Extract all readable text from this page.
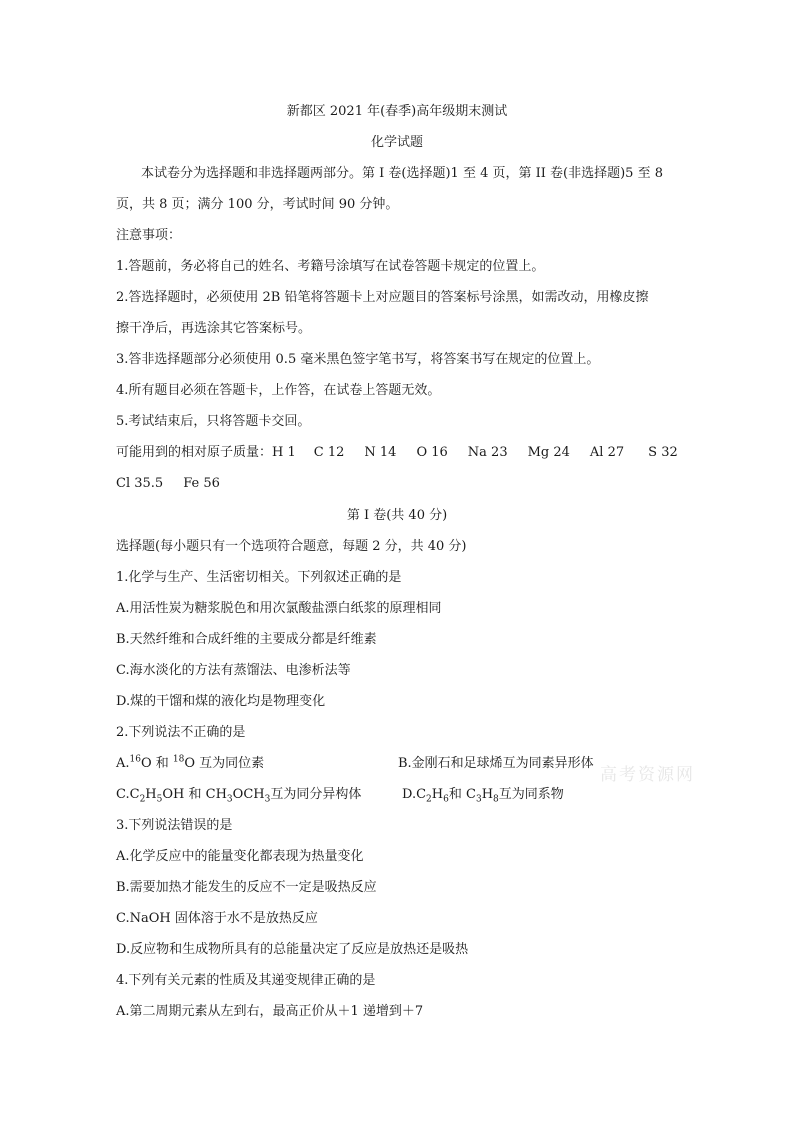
新都区 2021 年(春季)高年级期末测试
化学试题
本试卷分为选择题和非选择题两部分。第 I 卷(选择题)1 至 4 页，第 II 卷(非选择题)5 至 8
页，共 8 页；满分 100 分，考试时间 90 分钟。
注意事项：
1.答题前，务必将自己的姓名、考籍号涂填写在试卷答题卡规定的位置上。
2.答选择题时，必须使用 2B 铅笔将答题卡上对应题目的答案标号涂黑，如需改动，用橡皮擦
擦干净后，再选涂其它答案标号。
3.答非选择题部分必须使用 0.5 毫米黑色签字笔书写，将答案书写在规定的位置上。
4.所有题目必须在答题卡，上作答，在试卷上答题无效。
5.考试结束后，只将答题卡交回。
可能用到的相对原子质量：H 1 C 12 N 14 O 16 Na 23 Mg 24 Al 27 S 32
Cl 35.5 Fe 56
第 I 卷(共 40 分)
选择题(每小题只有一个选项符合题意，每题 2 分，共 40 分)
1.化学与生产、生活密切相关。下列叙述正确的是
A.用活性炭为糖浆脱色和用次氯酸盐漂白纸浆的原理相同
B.天然纤维和合成纤维的主要成分都是纤维素
C.海水淡化的方法有蒸馏法、电渗析法等
D.煤的干馏和煤的液化均是物理变化
2.下列说法不正确的是
A.$^{16}$O 和 $^{18}$O 互为同位素	B.金刚石和足球烯互为同素异形体
$C.C_2H_5OH$ 和 $CH_3OCH_3$互为同分异构体	$D.C_2H_6$和 $C_3H_8$互为同系物
3.下列说法错误的是
A.化学反应中的能量变化都表现为热量变化
B.需要加热才能发生的反应不一定是吸热反应
C.NaOH 固体溶于水不是放热反应
D.反应物和生成物所具有的总能量决定了反应是放热还是吸热
4.下列有关元素的性质及其递变规律正确的是
A.第二周期元素从左到右，最高正价从＋1 递增到＋7
高考资源网
